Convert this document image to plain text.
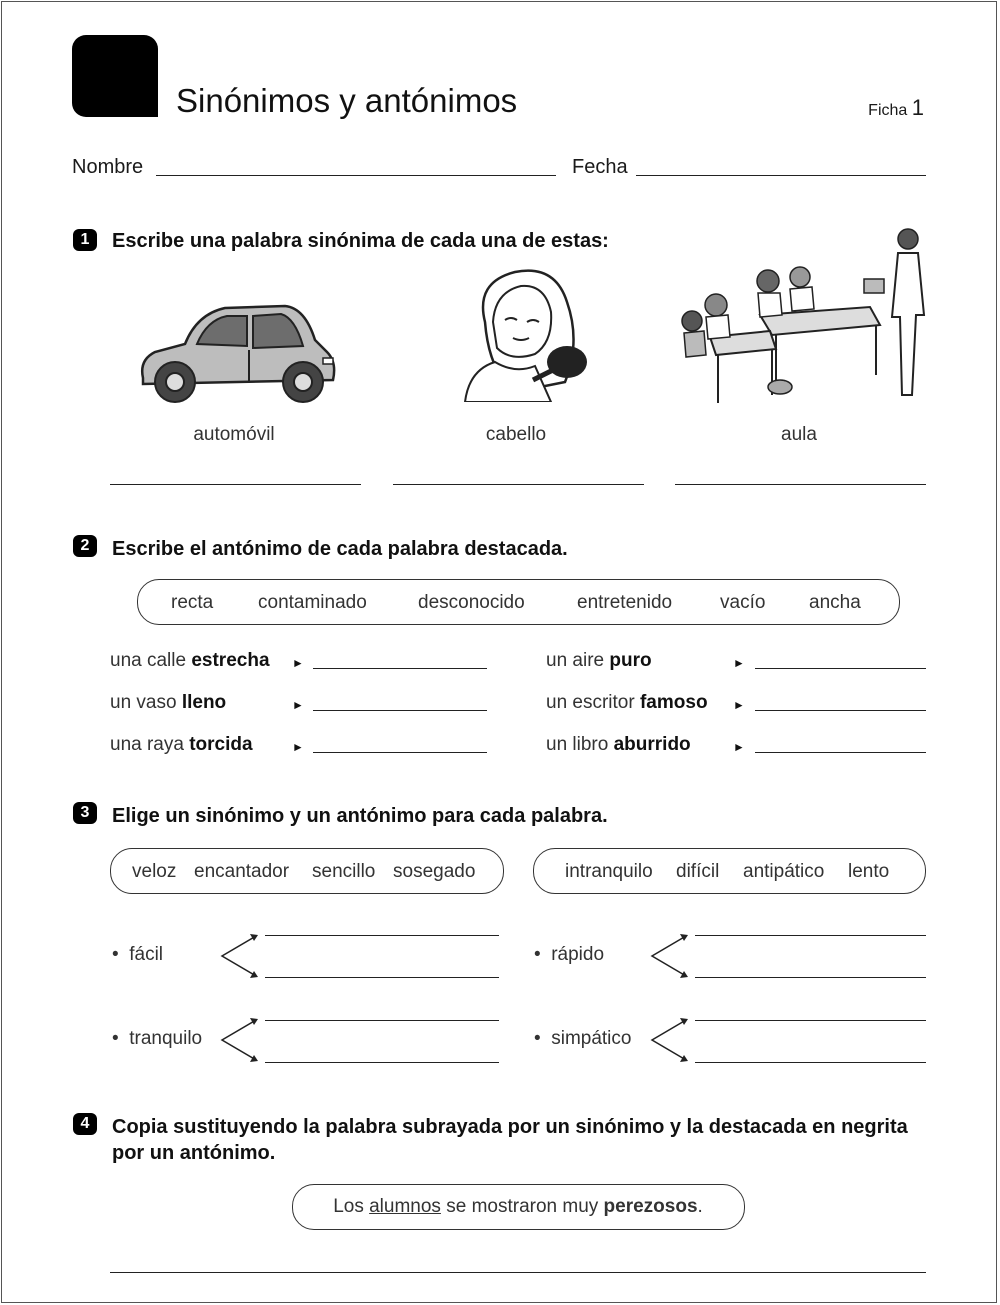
Sinónimos y antónimos	Ficha 1
Nombre	Fecha
1	Escribe una palabra sinónima de cada una de estas:
automóvil	cabello	aula
2	Escribe el antónimo de cada palabra destacada.
recta contaminado	desconocido	entretenido	vacío ancha
una calle estrecha ►
un vaso lleno	►
una raya torcida	►
un aire puro	►
un escritor famoso ►
un libro aburrido	►
3	Elige un sinónimo y un antónimo para cada palabra.
veloz encantador sencillo sosegado	intranquilo difícil antipático lento
• fácil	• rápido
• tranquilo	• simpático
4	Copia sustituyendo la palabra subrayada por un sinónimo y la destacada en negrita
por un antónimo.
Los alumnos se mostraron muy perezosos.
